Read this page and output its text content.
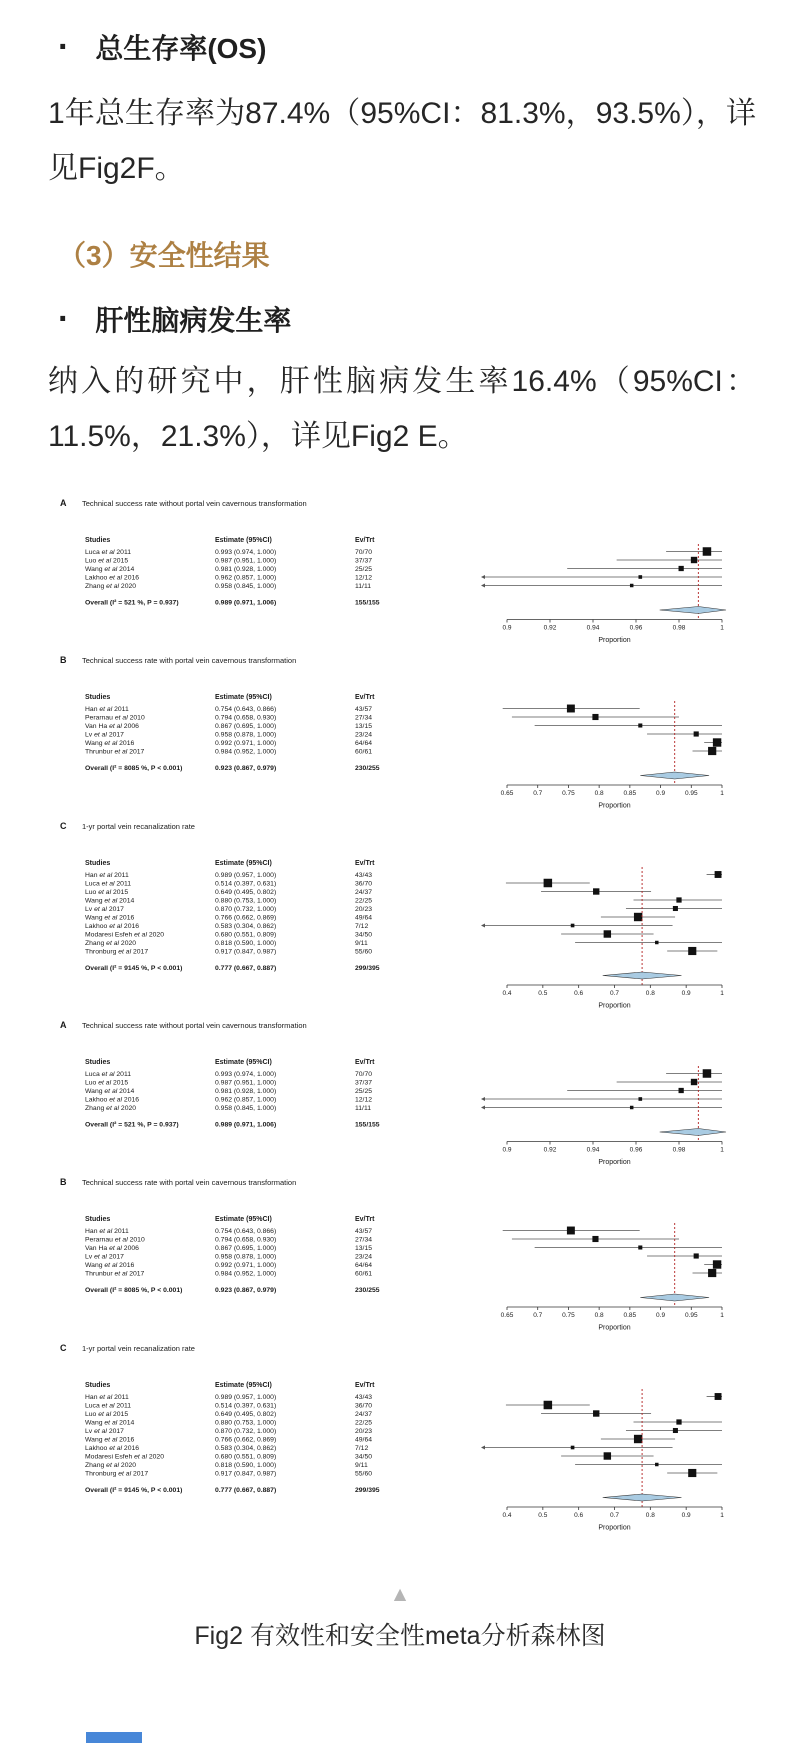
· 总生存率(OS)

1年总生存率为87.4%（95%CI：81.3%，93.5%），详见Fig2F。

（3）安全性结果
· 肝性脑病发生率

纳入的研究中，肝性脑病发生率16.4%（95%CI：11.5%，21.3%），详见Fig2 E。

A Technical success rate without portal vein cavernous transformation
Studies	Estimate (95%CI)	Ev/Trt
Luca et al 2011	0.993 (0.974, 1.000)	70/70
Luo et al 2015	0.987 (0.951, 1.000)	37/37
Wang et al 2014	0.981 (0.928, 1.000)	25/25
Lakhoo et al 2016	0.962 (0.857, 1.000)	12/12
Zhang et al 2020	0.958 (0.845, 1.000)	11/11
Overall (I² = 521 %, P = 0.937)	0.989 (0.971, 1.006)	155/155
0.9	0.92	0.94	0.96	0.98	1
Proportion
B Technical success rate with portal vein cavernous transformation
Studies	Estimate (95%CI)	Ev/Trt
Han et al 2011	0.754 (0.643, 0.866)	43/57
Perarnau et al 2010	0.794 (0.658, 0.930)	27/34
Van Ha et al 2006	0.867 (0.695, 1.000)	13/15
Lv et al 2017	0.958 (0.878, 1.000)	23/24
Wang et al 2016	0.992 (0.971, 1.000)	64/64
Thrunbur et al 2017	0.984 (0.952, 1.000)	60/61
Overall (I² = 8085 %, P < 0.001)	0.923 (0.867, 0.979)	230/255
0.65	0.7	0.75	0.8	0.85	0.9	0.95	1
Proportion
C 1-yr portal vein recanalization rate
Studies	Estimate (95%CI)	Ev/Trt
Han et al 2011	0.989 (0.957, 1.000)	43/43
Luca et al 2011	0.514 (0.397, 0.631)	36/70
Luo et al 2015	0.649 (0.495, 0.802)	24/37
Wang et al 2014	0.880 (0.753, 1.000)	22/25
Lv et al 2017	0.870 (0.732, 1.000)	20/23
Wang et al 2016	0.766 (0.662, 0.869)	49/64
Lakhoo et al 2016	0.583 (0.304, 0.862)	7/12
Modaresi Esfeh et al 2020	0.680 (0.551, 0.809)	34/50
Zhang et al 2020	0.818 (0.590, 1.000)	9/11
Thronburg et al 2017	0.917 (0.847, 0.987)	55/60
Overall (I² = 9145 %, P < 0.001)	0.777 (0.667, 0.887)	299/395
0.4	0.5	0.6	0.7	0.8	0.9	1
Proportion
A Technical success rate without portal vein cavernous transformation
Studies	Estimate (95%CI)	Ev/Trt
Luca et al 2011	0.993 (0.974, 1.000)	70/70
Luo et al 2015	0.987 (0.951, 1.000)	37/37
Wang et al 2014	0.981 (0.928, 1.000)	25/25
Lakhoo et al 2016	0.962 (0.857, 1.000)	12/12
Zhang et al 2020	0.958 (0.845, 1.000)	11/11
Overall (I² = 521 %, P = 0.937)	0.989 (0.971, 1.006)	155/155
0.9	0.92	0.94	0.96	0.98	1
Proportion
B Technical success rate with portal vein cavernous transformation
Studies	Estimate (95%CI)	Ev/Trt
Han et al 2011	0.754 (0.643, 0.866)	43/57
Perarnau et al 2010	0.794 (0.658, 0.930)	27/34
Van Ha et al 2006	0.867 (0.695, 1.000)	13/15
Lv et al 2017	0.958 (0.878, 1.000)	23/24
Wang et al 2016	0.992 (0.971, 1.000)	64/64
Thrunbur et al 2017	0.984 (0.952, 1.000)	60/61
Overall (I² = 8085 %, P < 0.001)	0.923 (0.867, 0.979)	230/255
0.65	0.7	0.75	0.8	0.85	0.9	0.95	1
Proportion
C 1-yr portal vein recanalization rate
Studies	Estimate (95%CI)	Ev/Trt
Han et al 2011	0.989 (0.957, 1.000)	43/43
Luca et al 2011	0.514 (0.397, 0.631)	36/70
Luo et al 2015	0.649 (0.495, 0.802)	24/37
Wang et al 2014	0.880 (0.753, 1.000)	22/25
Lv et al 2017	0.870 (0.732, 1.000)	20/23
Wang et al 2016	0.766 (0.662, 0.869)	49/64
Lakhoo et al 2016	0.583 (0.304, 0.862)	7/12
Modaresi Esfeh et al 2020	0.680 (0.551, 0.809)	34/50
Zhang et al 2020	0.818 (0.590, 1.000)	9/11
Thronburg et al 2017	0.917 (0.847, 0.987)	55/60
Overall (I² = 9145 %, P < 0.001)	0.777 (0.667, 0.887)	299/395
0.4	0.5	0.6	0.7	0.8	0.9	1
Proportion
▲
Fig2 有效性和安全性meta分析森林图
